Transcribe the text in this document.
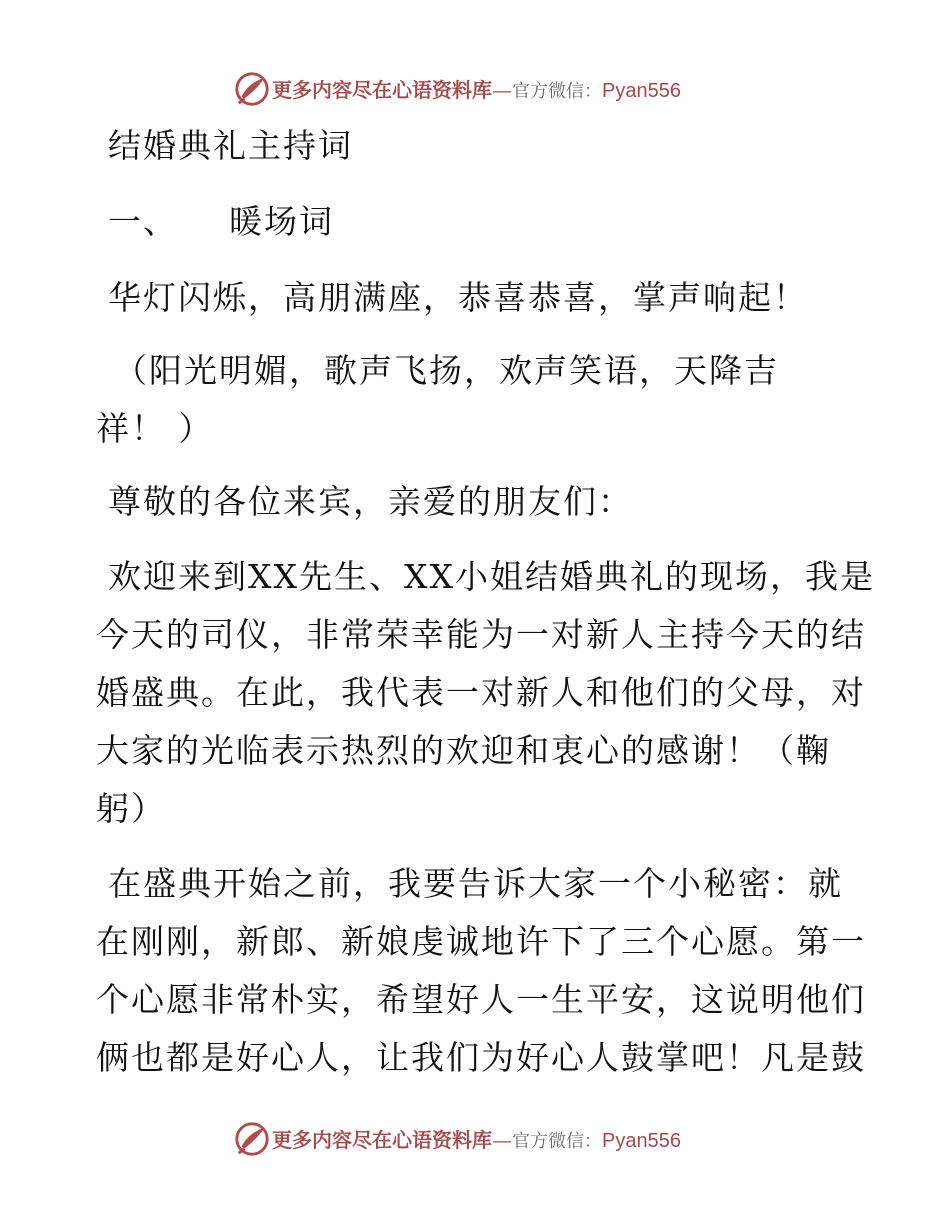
更多内容尽在心语资料库—官方微信：Pyan556
结婚典礼主持词
一、 暖场词
华灯闪烁，高朋满座，恭喜恭喜，掌声响起！
（阳光明媚，歌声飞扬，欢声笑语，天降吉
祥！ ）
尊敬的各位来宾，亲爱的朋友们：
欢迎来到XX先生、XX小姐结婚典礼的现场，我是
今天的司仪，非常荣幸能为一对新人主持今天的结
婚盛典。在此，我代表一对新人和他们的父母，对
大家的光临表示热烈的欢迎和衷心的感谢！（鞠
躬）
在盛典开始之前，我要告诉大家一个小秘密：就
在刚刚，新郎、新娘虔诚地许下了三个心愿。第一
个心愿非常朴实，希望好人一生平安，这说明他们
俩也都是好心人，让我们为好心人鼓掌吧！凡是鼓
更多内容尽在心语资料库—官方微信：Pyan556
